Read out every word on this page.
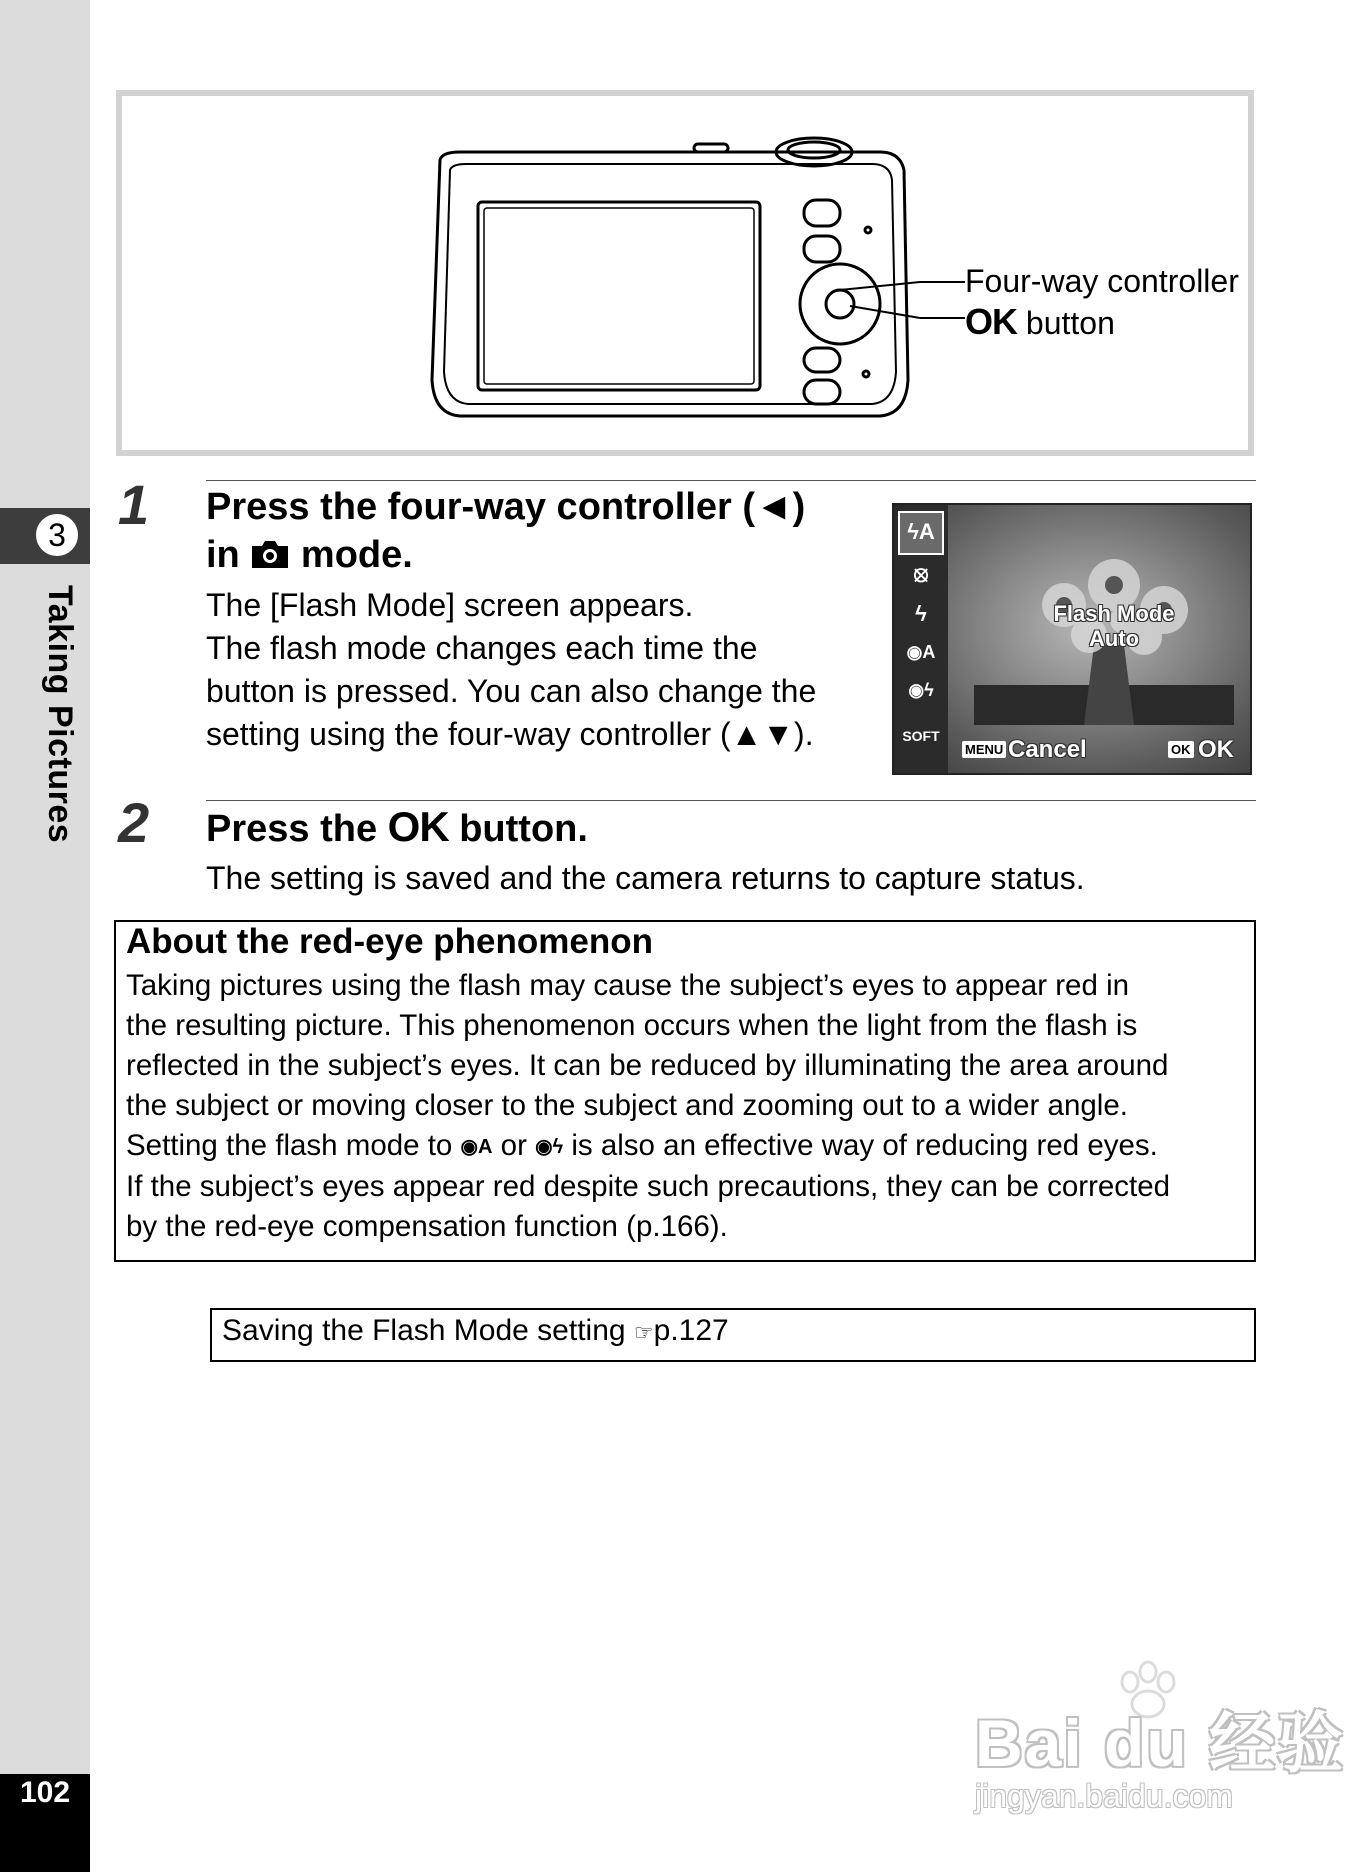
3
Taking Pictures
102
Four-way controller
OK button
1 Press the four-way controller (◄)
in mode.
The [Flash Mode] screen appears.
The flash mode changes each time the
button is pressed. You can also change the
setting using the four-way controller (▲▼).
ϟA
⦻
ϟ
◉A
◉ϟ
SOFT
Flash Mode
Auto
MENU Cancel	OK OK
2 Press the OK button.
The setting is saved and the camera returns to capture status.
About the red-eye phenomenon
Taking pictures using the flash may cause the subject’s eyes to appear red in
the resulting picture. This phenomenon occurs when the light from the flash is
reflected in the subject’s eyes. It can be reduced by illuminating the area around
the subject or moving closer to the subject and zooming out to a wider angle.
Setting the flash mode to ◉A or ◉ϟ is also an effective way of reducing red eyes.
If the subject’s eyes appear red despite such precautions, they can be corrected
by the red-eye compensation function (p.166).
Saving the Flash Mode setting ☞p.127
Bai du 经验
jingyan.baidu.com
